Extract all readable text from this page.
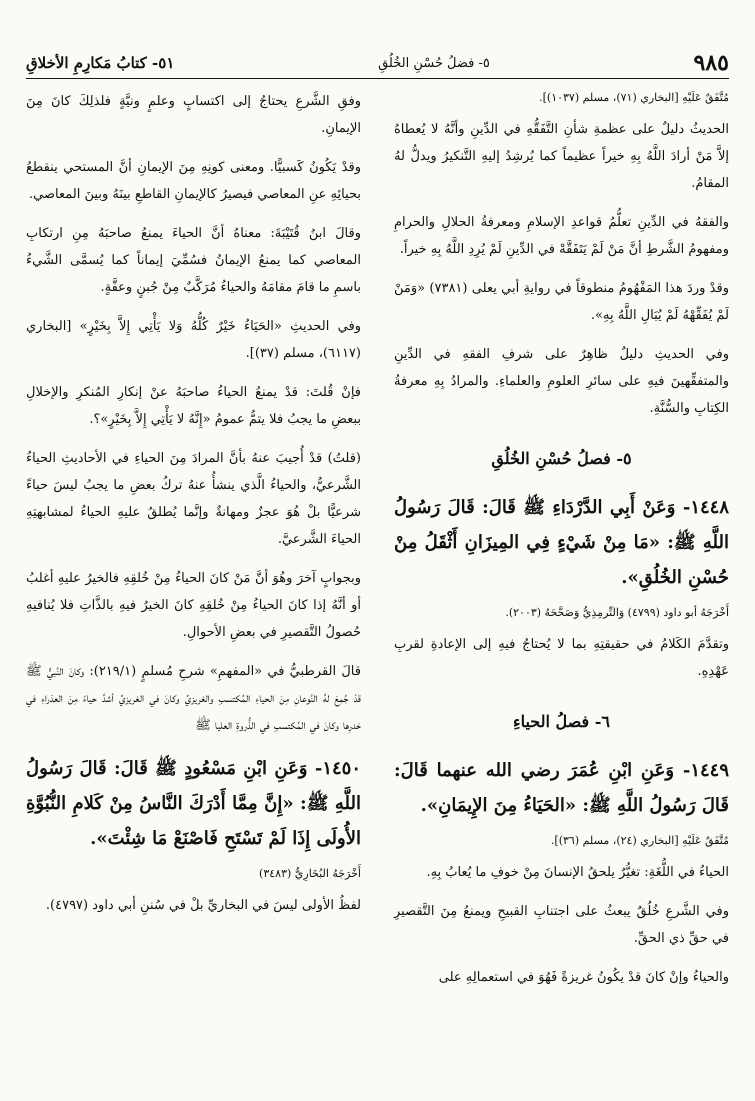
٥١- كتابُ مَكارِمِ الأخلاقِ	٥- فضلُ حُسْنِ الخُلُقِ	٩٨٥

مُتَّفَقٌ عَلَيْهِ [البخاري (٧١)، مسلم (١٠٣٧)].

الحديثُ دليلٌ على عظمةِ شأنِ التَّفَقُّهِ في الدِّينِ وأنَّهُ لا يُعطاهُ إلاَّ مَنْ أرادَ اللَّهُ بِهِ خيراً عظيماً كما يُرشِدُ إليهِ التَّنكيرُ ويدلُّ لهُ المقامُ.

والفقهُ في الدِّينِ تعلُّمُ قواعدِ الإسلامِ ومعرفةُ الحلالِ والحرامِ ومفهومُ الشَّرطِ أنَّ مَنْ لَمْ يَتَفَقَّهْ في الدِّينِ لَمْ يُرِدِ اللَّهُ بِهِ خيراً.

وقدْ وردَ هذا المَفْهُومُ منطوقاً في روايةِ أبي يعلى (٧٣٨١) «وَمَنْ لَمْ يُفَقِّهْهُ لَمْ يُبَالِ اللَّهُ بِهِ».

وفي الحديثِ دليلٌ ظاهِرٌ على شرفِ الفقهِ في الدِّينِ والمتفقِّهينَ فيهِ على سائرِ العلومِ والعلماءِ. والمرادُ بِهِ معرفةُ الكِتابِ والسُّنَّةِ.

٥- فصلُ حُسْنِ الخُلُقِ

١٤٤٨- وَعَنْ أَبِي الدَّرْدَاءِ ﷺ قَالَ: قَالَ رَسُولُ اللَّهِ ﷺ: «مَا مِنْ شَيْءٍ فِي المِيزَانِ أَثْقَلُ مِنْ حُسْنِ الخُلُقِ».

أَخْرَجَهُ أبو داود (٤٧٩٩) وَالتِّرمِذِيُّ وَصَحَّحَهُ (٢٠٠٣).

وتقدَّمَ الكَلامُ في حقيقتِهِ بما لا يُحتاجُ فيهِ إلى الإعادةِ لقربِ عَهْدِهِ.

٦- فصلُ الحياءِ

١٤٤٩- وَعَنِ ابْنِ عُمَرَ رضي الله عنهما قَالَ: قَالَ رَسُولُ اللَّهِ ﷺ: «الحَيَاءُ مِنَ الإِيمَانِ».

مُتَّفَقٌ عَلَيْهِ [البخاري (٢٤)، مسلم (٣٦)].

الحياءُ في اللُّغَةِ: تغيُّرٌ يلحقُ الإنسانَ مِنْ خوفِ ما يُعابُ بِهِ.

وفي الشَّرعِ خُلُقٌ يبعثُ على اجتنابِ القبيحِ ويمنعُ مِنَ التَّقصيرِ في حقِّ ذي الحقِّ.

والحياءُ وإنْ كانَ قدْ يكُونُ غريزةً فَهُوَ في استعمالِهِ على

وفقِ الشَّرعِ يحتاجُ إلى اكتسابٍ وعلمٍ ونيَّةٍ فلذلِكَ كانَ مِنَ الإيمانِ.

وقدْ يَكُونُ كَسبيًّا. ومعنى كونِهِ مِنَ الإيمانِ أنَّ المستحي ينقطعُ بحيائِهِ عنِ المعاصي فيصيرُ كالإيمانِ القاطعِ بينَهُ وبينَ المعاصي.

وقالَ ابنُ قُتَيْبَةَ: معناهُ أنَّ الحياءَ يمنعُ صاحبَهُ مِنِ ارتكابِ المعاصي كما يمنعُ الإيمانُ فسُمِّيَ إيماناً كما يُسمَّى الشَّيءُ باسمِ ما قامَ مقامَهُ والحياءُ مُرَكَّبٌ مِنْ جُبنٍ وعفَّةٍ.

وفي الحديثِ «الحَيَاءُ خَيْرٌ كُلُّهُ وَلا يَأْتِي إِلاَّ بِخَيْرٍ» [البخاري (٦١١٧)، مسلم (٣٧)].

فإنْ قُلتَ: قدْ يمنعُ الحياءُ صاحبَهُ عنْ إنكارِ المُنكرِ والإخلالِ ببعضِ ما يجبُ فلا يتمُّ عمومُ «إِنَّهُ لا يَأْتِي إِلاَّ بِخَيْرٍ»؟.

(قلتُ) قدْ أُجيبَ عنهُ بأنَّ المرادَ مِنَ الحياءِ في الأحاديثِ الحياءُ الشَّرعيُّ، والحياءُ الَّذي ينشأُ عنهُ تركُ بعضِ ما يجبُ ليسَ حياءً شرعيًّا بلْ هُوَ عجزٌ ومهانةٌ وإنَّما يُطلقُ عليهِ الحياءُ لمشابهتِهِ الحياءَ الشَّرعيَّ.

وبجوابٍ آخرَ وهُوَ أنَّ مَنْ كانَ الحياءُ مِنْ خُلقِهِ فالخيرُ عليهِ أغلبُ أو أنَّهُ إذا كانَ الحياءُ مِنْ خُلقِهِ كانَ الخيرُ فيهِ بالذَّاتِ فلا يُنافيهِ حُصولُ التَّقصيرِ في بعضِ الأحوالِ.

قالَ القرطبيُّ في «المفهمِ» شرحِ مُسلمٍ (٢١٩/١): وكانَ النَّبيُّ ﷺ قدْ جُمِعَ لهُ النَّوعانِ مِنَ الحياءِ المُكتسبِ والغريزيِّ وكانَ في الغريزيِّ أشدَّ حياءً مِنَ العذراءِ في خدرِها وكانَ في المُكتسبِ في الذُّروةِ العليا ﷺ

١٤٥٠- وَعَنِ ابْنِ مَسْعُودٍ ﷺ قَالَ: قَالَ رَسُولُ اللَّهِ ﷺ: «إِنَّ مِمَّا أَدْرَكَ النَّاسُ مِنْ كَلامِ النُّبُوَّةِ الأُولَى إِذَا لَمْ تَسْتَحِ فَاصْنَعْ مَا شِئْتَ».

أَخْرَجَهُ البُخَارِيُّ (٣٤٨٣)

لفظُ الأولى ليسَ في البخاريِّ بلْ في سُننِ أبي داود (٤٧٩٧).
